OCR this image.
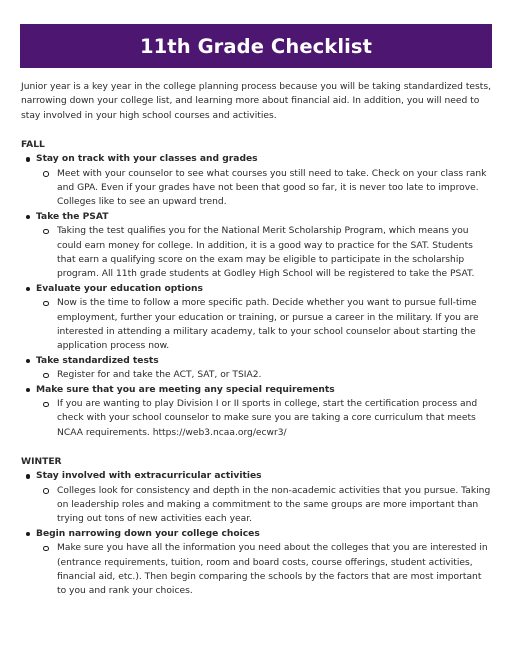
11th Grade Checklist

Junior year is a key year in the college planning process because you will be taking standardized tests, narrowing down your college list, and learning more about financial aid. In addition, you will need to stay involved in your high school courses and activities.

FALL

Stay on track with your classes and grades
Meet with your counselor to see what courses you still need to take. Check on your class rank and GPA. Even if your grades have not been that good so far, it is never too late to improve. Colleges like to see an upward trend.
Take the PSAT
Taking the test qualifies you for the National Merit Scholarship Program, which means you could earn money for college. In addition, it is a good way to practice for the SAT. Students that earn a qualifying score on the exam may be eligible to participate in the scholarship program. All 11th grade students at Godley High School will be registered to take the PSAT.
Evaluate your education options
Now is the time to follow a more specific path. Decide whether you want to pursue full-time employment, further your education or training, or pursue a career in the military. If you are interested in attending a military academy, talk to your school counselor about starting the application process now.
Take standardized tests
Register for and take the ACT, SAT, or TSIA2.
Make sure that you are meeting any special requirements
If you are wanting to play Division I or II sports in college, start the certification process and check with your school counselor to make sure you are taking a core curriculum that meets NCAA requirements. https://web3.ncaa.org/ecwr3/

WINTER

Stay involved with extracurricular activities
Colleges look for consistency and depth in the non-academic activities that you pursue. Taking on leadership roles and making a commitment to the same groups are more important than trying out tons of new activities each year.
Begin narrowing down your college choices
Make sure you have all the information you need about the colleges that you are interested in (entrance requirements, tuition, room and board costs, course offerings, student activities, financial aid, etc.). Then begin comparing the schools by the factors that are most important to you and rank your choices.
